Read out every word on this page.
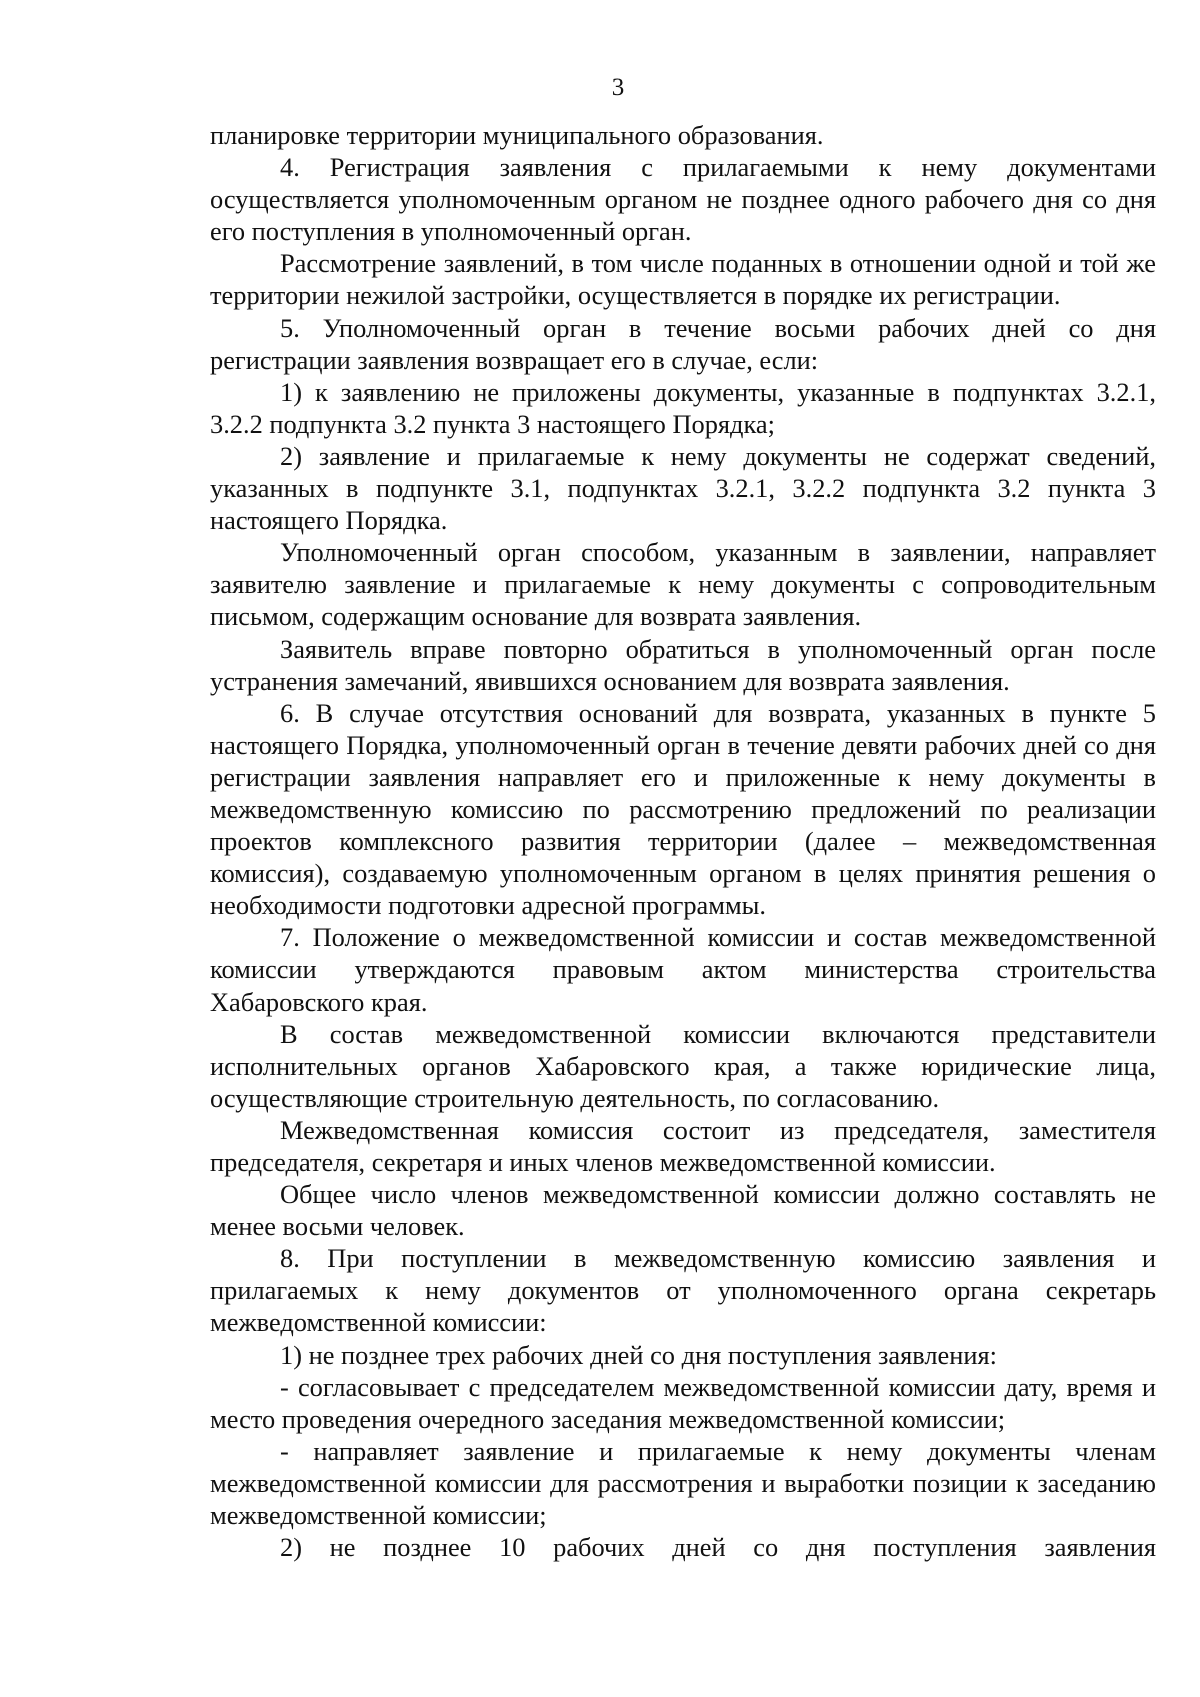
3

планировке территории муниципального образования.

4. Регистрация заявления с прилагаемыми к нему документами осуществляется уполномоченным органом не позднее одного рабочего дня со дня его поступления в уполномоченный орган.

Рассмотрение заявлений, в том числе поданных в отношении одной и той же территории нежилой застройки, осуществляется в порядке их регистрации.

5. Уполномоченный орган в течение восьми рабочих дней со дня регистрации заявления возвращает его в случае, если:

1) к заявлению не приложены документы, указанные в подпунктах 3.2.1, 3.2.2 подпункта 3.2 пункта 3 настоящего Порядка;

2) заявление и прилагаемые к нему документы не содержат сведений, указанных в подпункте 3.1, подпунктах 3.2.1, 3.2.2 подпункта 3.2 пункта 3 настоящего Порядка.

Уполномоченный орган способом, указанным в заявлении, направляет заявителю заявление и прилагаемые к нему документы с сопроводительным письмом, содержащим основание для возврата заявления.

Заявитель вправе повторно обратиться в уполномоченный орган после устранения замечаний, явившихся основанием для возврата заявления.

6. В случае отсутствия оснований для возврата, указанных в пункте 5 настоящего Порядка, уполномоченный орган в течение девяти рабочих дней со дня регистрации заявления направляет его и приложенные к нему документы в межведомственную комиссию по рассмотрению предложений по реализации проектов комплексного развития территории (далее – межведомственная комиссия), создаваемую уполномоченным органом в целях принятия решения о необходимости подготовки адресной программы.

7. Положение о межведомственной комиссии и состав межведомственной комиссии утверждаются правовым актом министерства строительства Хабаровского края.

В состав межведомственной комиссии включаются представители исполнительных органов Хабаровского края, а также юридические лица, осуществляющие строительную деятельность, по согласованию.

Межведомственная комиссия состоит из председателя, заместителя председателя, секретаря и иных членов межведомственной комиссии.

Общее число членов межведомственной комиссии должно составлять не менее восьми человек.

8. При поступлении в межведомственную комиссию заявления и прилагаемых к нему документов от уполномоченного органа секретарь межведомственной комиссии:

1) не позднее трех рабочих дней со дня поступления заявления:

- согласовывает с председателем межведомственной комиссии дату, время и место проведения очередного заседания межведомственной комиссии;

- направляет заявление и прилагаемые к нему документы членам межведомственной комиссии для рассмотрения и выработки позиции к заседанию межведомственной комиссии;

2) не позднее 10 рабочих дней со дня поступления заявления
